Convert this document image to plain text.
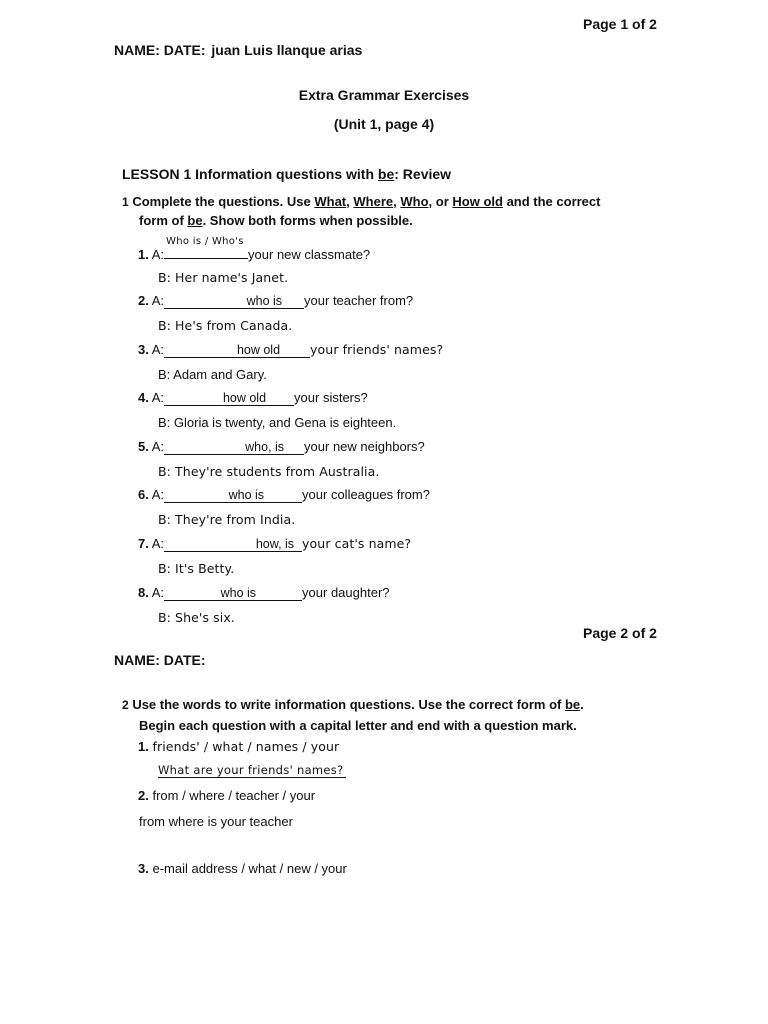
Page 1 of 2
NAME: DATE: juan Luis llanque arias
Extra Grammar Exercises
(Unit 1, page 4)
LESSON 1 Information questions with be: Review
1 Complete the questions. Use What, Where, Who, or How old and the correct
form of be. Show both forms when possible.
1. A:
Who is / Who's
your new classmate?
B: Her name's Janet.
2. A:	who is your teacher from?
B: He's from Canada.
3. A:	how old your friends' names?
B: Adam and Gary.
4. A:	how old your sisters?
B: Gloria is twenty, and Gena is eighteen.
5. A:	who, is your new neighbors?
B: They're students from Australia.
6. A:	who is	your colleagues from?
B: They're from India.
7. A:	how, is your cat's name?
B: It's Betty.
8. A:	who is	your daughter?
B: She's six.
Page 2 of 2
NAME: DATE:
2 Use the words to write information questions. Use the correct form of be.
Begin each question with a capital letter and end with a question mark.
1. friends' / what / names / your
What are your friends' names?
2. from / where / teacher / your
from where is your teacher
3. e-mail address / what / new / your
